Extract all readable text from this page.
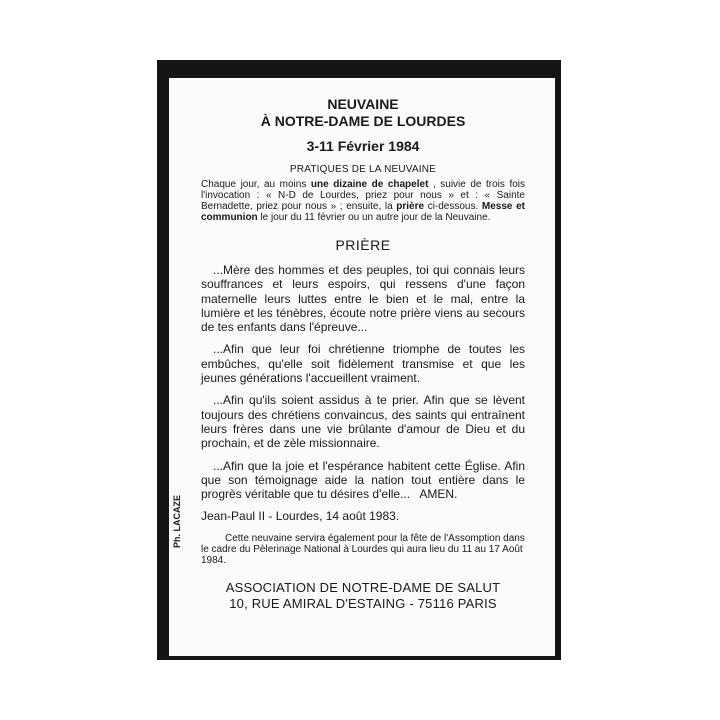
NEUVAINE

À NOTRE-DAME DE LOURDES

3-11 Février 1984

PRATIQUES DE LA NEUVAINE

Chaque jour, au moins une dizaine de chapelet , suivie de trois fois l'invocation : « N-D de Lourdes, priez pour nous » et : « Sainte Bernadette, priez pour nous » ; ensuite, la prière ci-dessous. Messe et communion le jour du 11 février ou un autre jour de la Neuvaine.

PRIÈRE

...Mère des hommes et des peuples, toi qui connais leurs souffrances et leurs espoirs, qui ressens d'une façon maternelle leurs luttes entre le bien et le mal, entre la lumière et les ténèbres, écoute notre prière viens au secours de tes enfants dans l'épreuve...

...Afin que leur foi chrétienne triomphe de toutes les embûches, qu'elle soit fidèlement transmise et que les jeunes générations l'accueillent vraiment.

...Afin qu'ils soient assidus à te prier. Afin que se lèvent toujours des chrétiens convaincus, des saints qui entraînent leurs frères dans une vie brûlante d'amour de Dieu et du prochain, et de zèle missionnaire.

...Afin que la joie et l'espérance habitent cette Église. Afin que son témoignage aide la nation tout entière dans le progrès véritable que tu désires d'elle...   AMEN.

Jean-Paul II - Lourdes, 14 août 1983.

Cette neuvaine servira également pour la fête de l'Assomption dans le cadre du Pèlerinage National à Lourdes qui aura lieu du 11 au 17 Août 1984.

ASSOCIATION DE NOTRE-DAME DE SALUT
10, RUE AMIRAL D'ESTAING - 75116 PARIS
Ph. LACAZE
